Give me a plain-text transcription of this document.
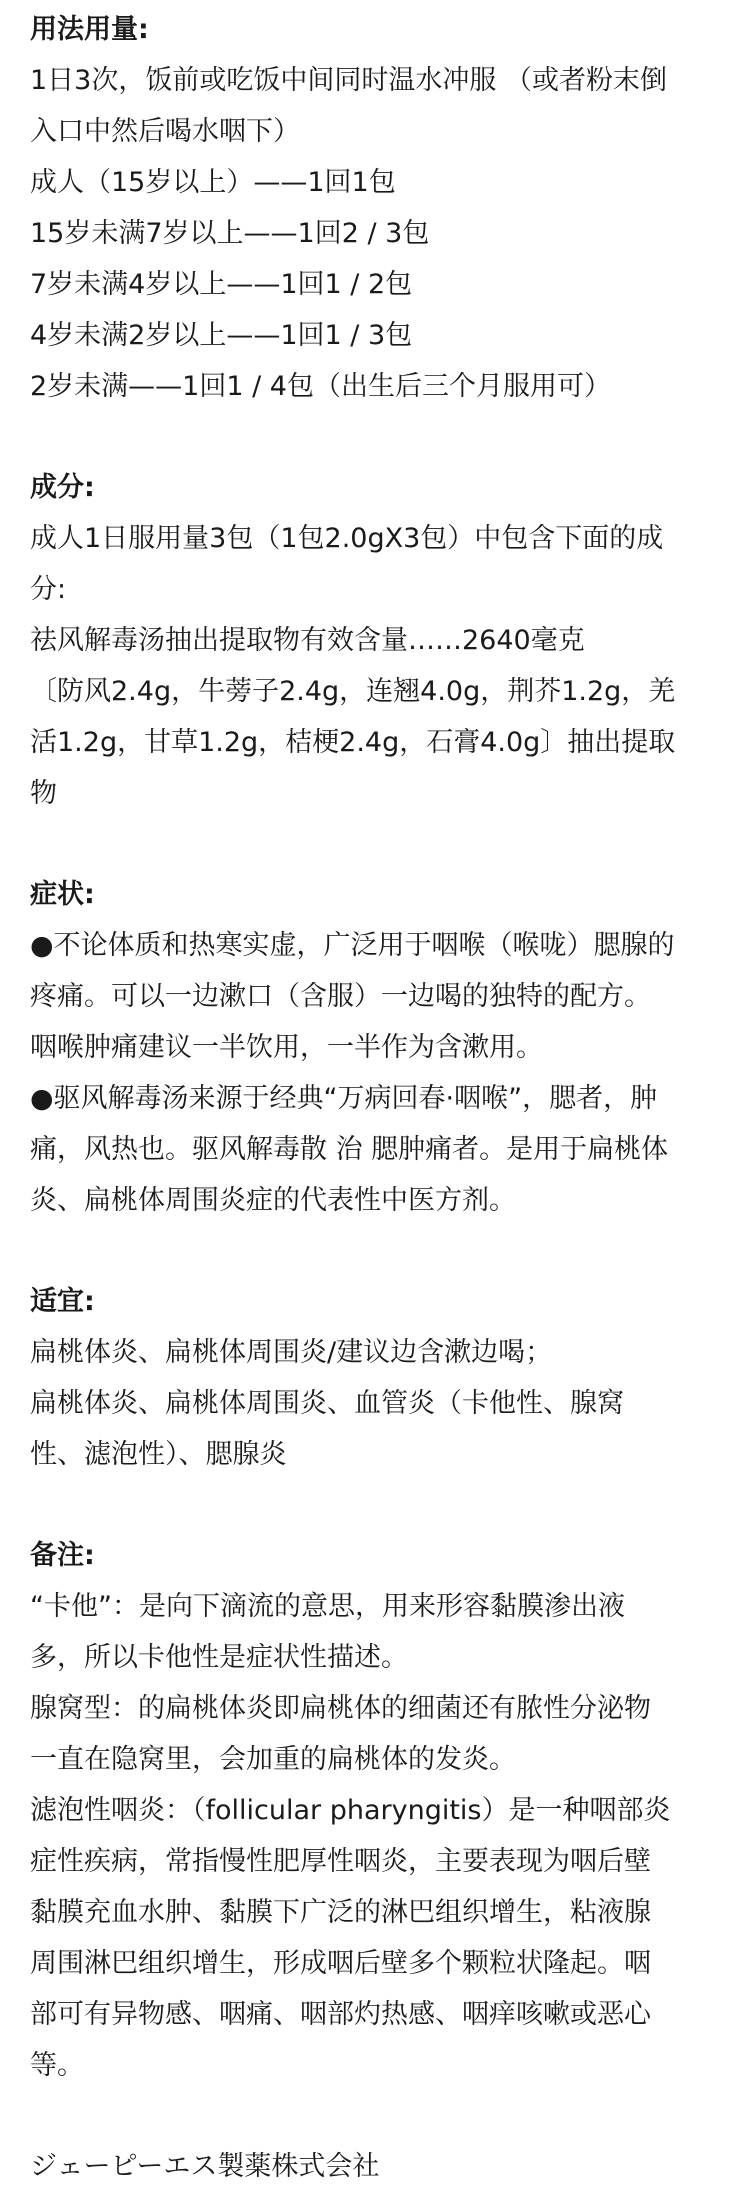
用法用量:
1日3次，饭前或吃饭中间同时温水冲服 （或者粉末倒
入口中然后喝水咽下）
成人（15岁以上）——1回1包
15岁未满7岁以上——1回2 / 3包
7岁未满4岁以上——1回1 / 2包
4岁未满2岁以上——1回1 / 3包
2岁未满——1回1 / 4包（出生后三个月服用可）
成分:
成人1日服用量3包（1包2.0gX3包）中包含下面的成
分:
祛风解毒汤抽出提取物有效含量……2640毫克
〔防风2.4g，牛蒡子2.4g，连翘4.0g，荆芥1.2g，羌
活1.2g，甘草1.2g，桔梗2.4g，石膏4.0g〕抽出提取
物
症状:
●不论体质和热寒实虚，广泛用于咽喉（喉咙）腮腺的
疼痛。可以一边漱口（含服）一边喝的独特的配方。
咽喉肿痛建议一半饮用，一半作为含漱用。
●驱风解毒汤来源于经典“万病回春·咽喉”，腮者，肿
痛，风热也。驱风解毒散 治 腮肿痛者。是用于扁桃体
炎、扁桃体周围炎症的代表性中医方剂。
适宜:
扁桃体炎、扁桃体周围炎/建议边含漱边喝；
扁桃体炎、扁桃体周围炎、血管炎（卡他性、腺窝
性、滤泡性）、腮腺炎
备注:
“卡他”：是向下滴流的意思，用来形容黏膜渗出液
多，所以卡他性是症状性描述。
腺窝型：的扁桃体炎即扁桃体的细菌还有脓性分泌物
一直在隐窝里，会加重的扁桃体的发炎。
滤泡性咽炎：（follicular pharyngitis）是一种咽部炎
症性疾病，常指慢性肥厚性咽炎，主要表现为咽后壁
黏膜充血水肿、黏膜下广泛的淋巴组织增生，粘液腺
周围淋巴组织增生，形成咽后壁多个颗粒状隆起。咽
部可有异物感、咽痛、咽部灼热感、咽痒咳嗽或恶心
等。
ジェーピーエス製薬株式会社
